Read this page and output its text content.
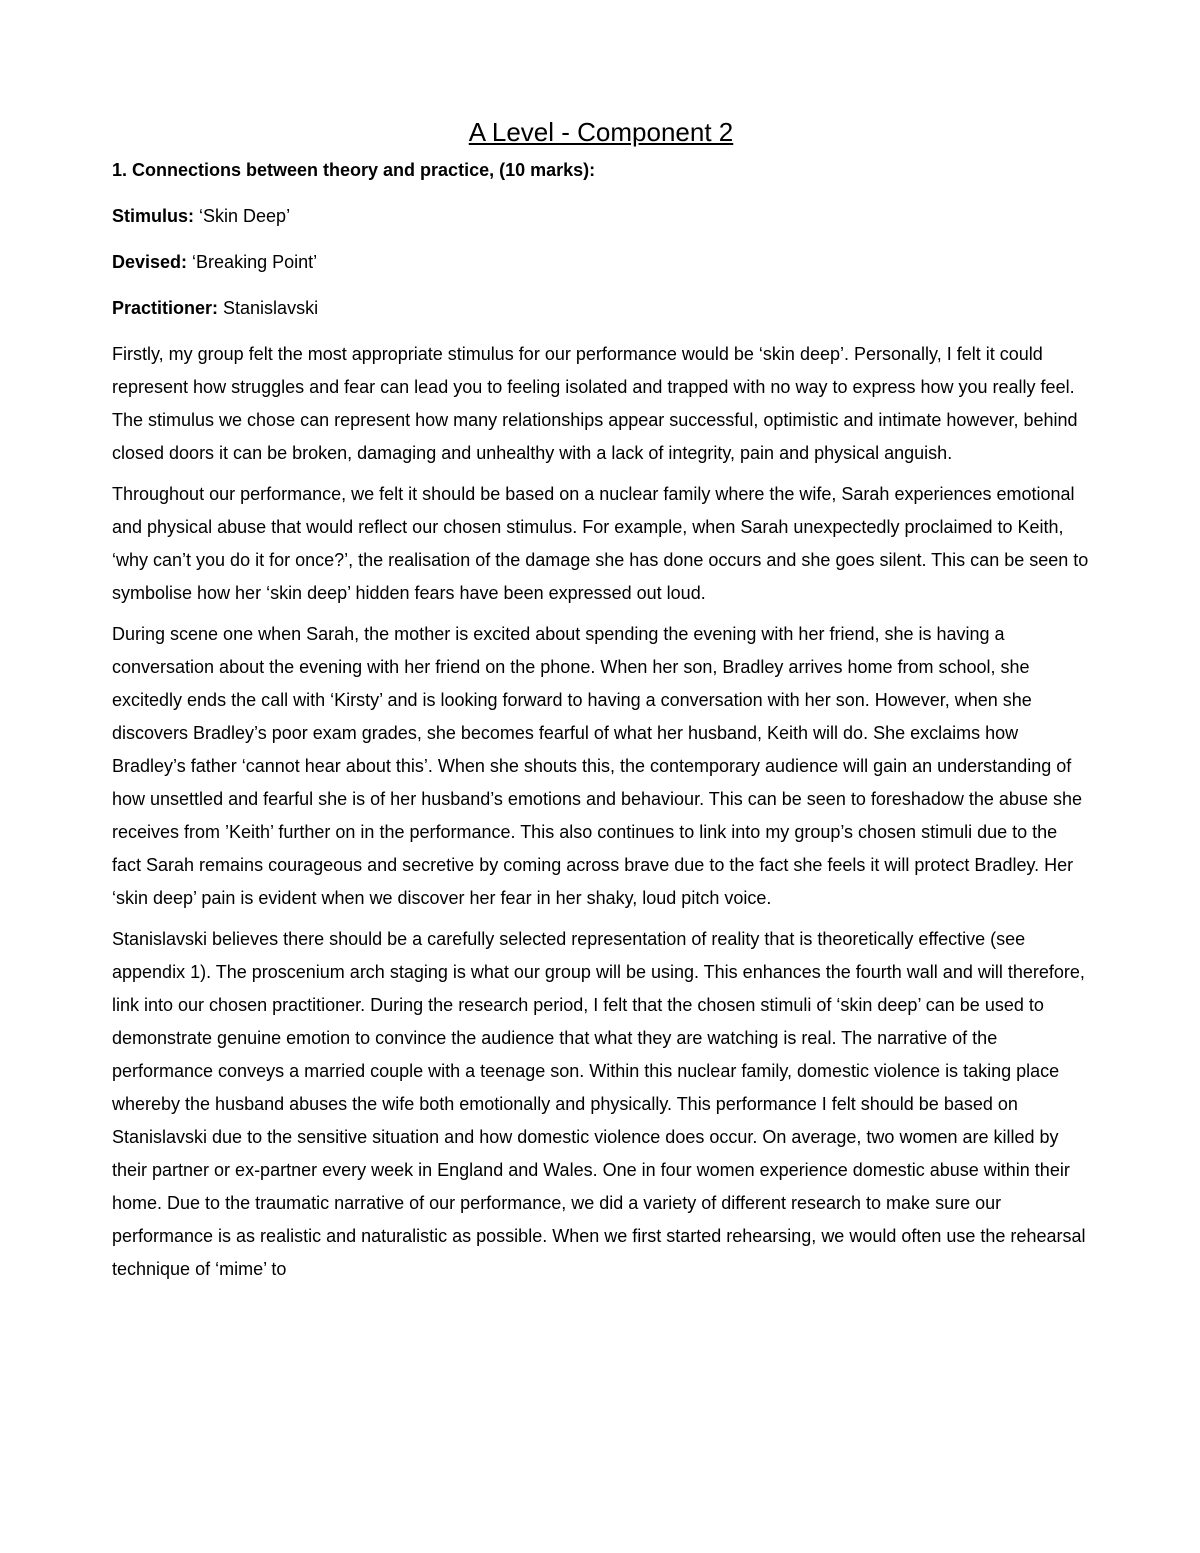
A Level - Component 2
1. Connections between theory and practice, (10 marks):
Stimulus: ‘Skin Deep’
Devised: ‘Breaking Point’
Practitioner: Stanislavski

Firstly, my group felt the most appropriate stimulus for our performance would be ‘skin deep’. Personally, I felt it could represent how struggles and fear can lead you to feeling isolated and trapped with no way to express how you really feel. The stimulus we chose can represent how many relationships appear successful, optimistic and intimate however, behind closed doors it can be broken, damaging and unhealthy with a lack of integrity, pain and physical anguish.

Throughout our performance, we felt it should be based on a nuclear family where the wife, Sarah experiences emotional and physical abuse that would reflect our chosen stimulus. For example, when Sarah unexpectedly proclaimed to Keith, ‘why can’t you do it for once?’, the realisation of the damage she has done occurs and she goes silent. This can be seen to symbolise how her ‘skin deep’ hidden fears have been expressed out loud.

During scene one when Sarah, the mother is excited about spending the evening with her friend, she is having a conversation about the evening with her friend on the phone. When her son, Bradley arrives home from school, she excitedly ends the call with ‘Kirsty’ and is looking forward to having a conversation with her son. However, when she discovers Bradley’s poor exam grades, she becomes fearful of what her husband, Keith will do. She exclaims how Bradley’s father ‘cannot hear about this’. When she shouts this, the contemporary audience will gain an understanding of how unsettled and fearful she is of her husband’s emotions and behaviour. This can be seen to foreshadow the abuse she receives from ’Keith’ further on in the performance. This also continues to link into my group’s chosen stimuli due to the fact Sarah remains courageous and secretive by coming across brave due to the fact she feels it will protect Bradley. Her ‘skin deep’ pain is evident when we discover her fear in her shaky, loud pitch voice.

Stanislavski believes there should be a carefully selected representation of reality that is theoretically effective (see appendix 1). The proscenium arch staging is what our group will be using. This enhances the fourth wall and will therefore, link into our chosen practitioner. During the research period, I felt that the chosen stimuli of ‘skin deep’ can be used to demonstrate genuine emotion to convince the audience that what they are watching is real. The narrative of the performance conveys a married couple with a teenage son. Within this nuclear family, domestic violence is taking place whereby the husband abuses the wife both emotionally and physically. This performance I felt should be based on Stanislavski due to the sensitive situation and how domestic violence does occur. On average, two women are killed by their partner or ex-partner every week in England and Wales. One in four women experience domestic abuse within their home. Due to the traumatic narrative of our performance, we did a variety of different research to make sure our performance is as realistic and naturalistic as possible. When we first started rehearsing, we would often use the rehearsal technique of ‘mime’ to
